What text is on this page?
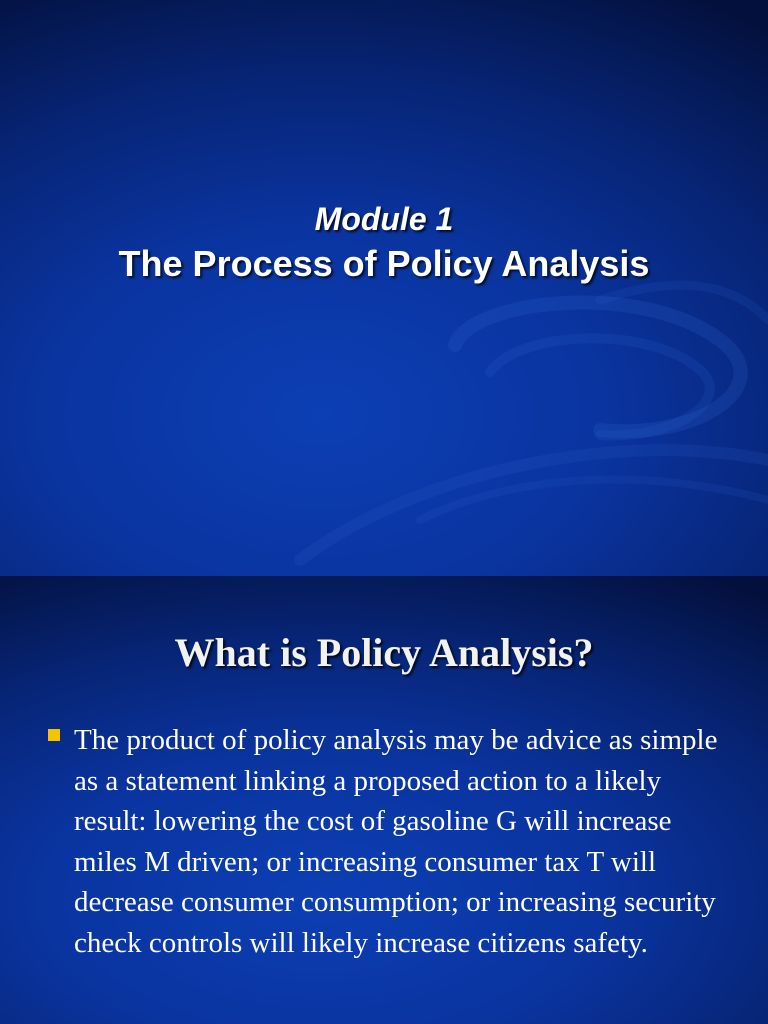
Module 1
The Process of Policy Analysis
What is Policy Analysis?
The product of policy analysis may be advice as simple as a statement linking a proposed action to a likely result: lowering the cost of gasoline G will increase miles M driven; or increasing consumer tax T will decrease consumer consumption; or increasing security check controls will likely increase citizens safety.
